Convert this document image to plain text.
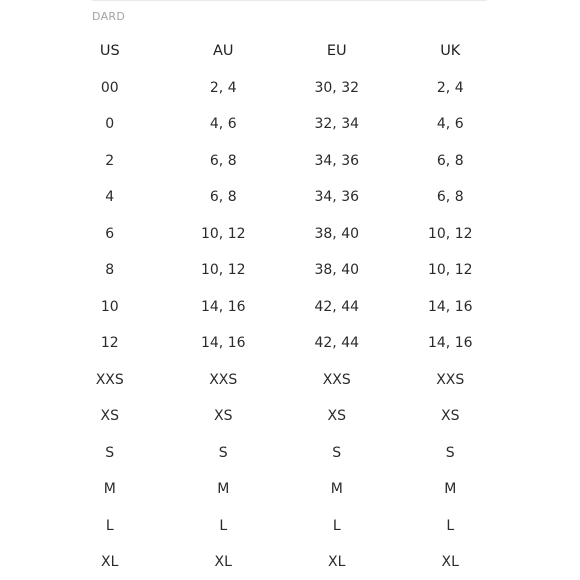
DARD
US	AU	EU	UK
00	2, 4	30, 32	2, 4
0	4, 6	32, 34	4, 6
2	6, 8	34, 36	6, 8
4	6, 8	34, 36	6, 8
6	10, 12	38, 40	10, 12
8	10, 12	38, 40	10, 12
10	14, 16	42, 44	14, 16
12	14, 16	42, 44	14, 16
XXS	XXS	XXS	XXS
XS	XS	XS	XS
S	S	S	S
M	M	M	M
L	L	L	L
XL	XL	XL	XL
